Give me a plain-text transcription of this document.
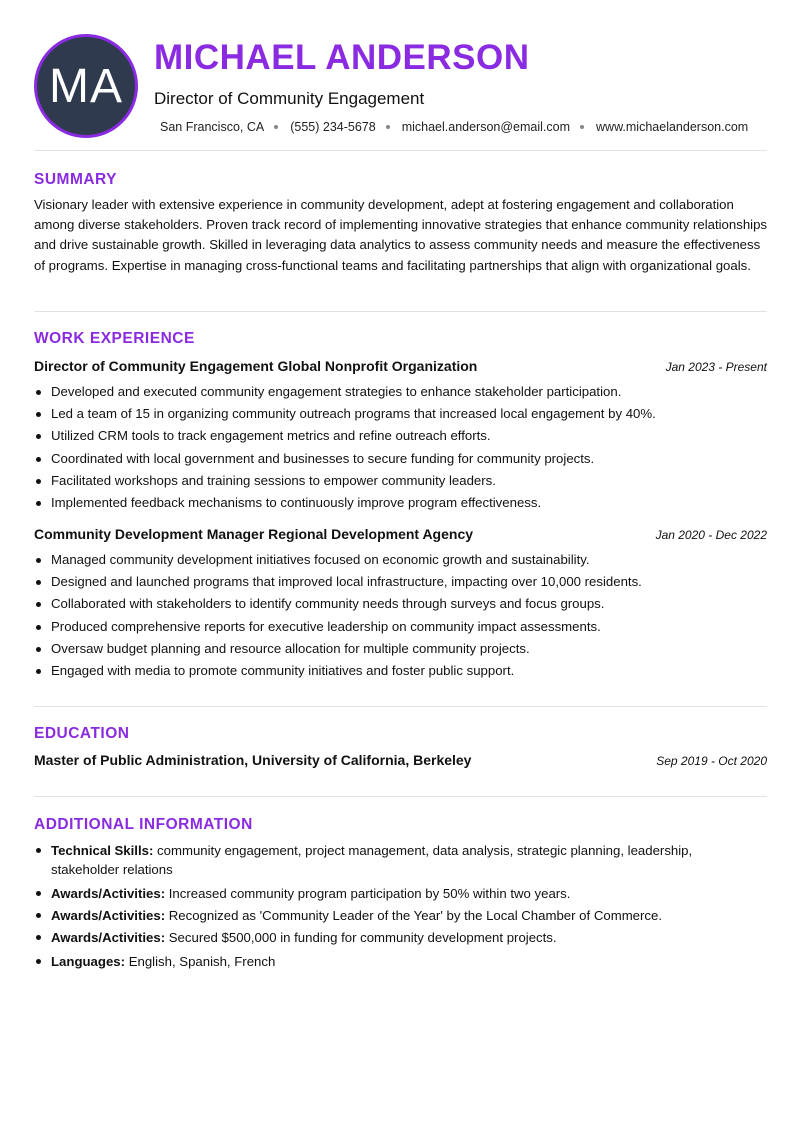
MA
MICHAEL ANDERSON
Director of Community Engagement
San Francisco, CA (555) 234-5678 michael.anderson@email.com www.michaelanderson.com
SUMMARY
Visionary leader with extensive experience in community development, adept at fostering engagement and collaboration among diverse stakeholders. Proven track record of implementing innovative strategies that enhance community relationships and drive sustainable growth. Skilled in leveraging data analytics to assess community needs and measure the effectiveness of programs. Expertise in managing cross-functional teams and facilitating partnerships that align with organizational goals.
WORK EXPERIENCE
Director of Community Engagement Global Nonprofit Organization	Jan 2023 - Present
Developed and executed community engagement strategies to enhance stakeholder participation.
Led a team of 15 in organizing community outreach programs that increased local engagement by 40%.
Utilized CRM tools to track engagement metrics and refine outreach efforts.
Coordinated with local government and businesses to secure funding for community projects.
Facilitated workshops and training sessions to empower community leaders.
Implemented feedback mechanisms to continuously improve program effectiveness.
Community Development Manager Regional Development Agency	Jan 2020 - Dec 2022
Managed community development initiatives focused on economic growth and sustainability.
Designed and launched programs that improved local infrastructure, impacting over 10,000 residents.
Collaborated with stakeholders to identify community needs through surveys and focus groups.
Produced comprehensive reports for executive leadership on community impact assessments.
Oversaw budget planning and resource allocation for multiple community projects.
Engaged with media to promote community initiatives and foster public support.
EDUCATION
Master of Public Administration, University of California, Berkeley	Sep 2019 - Oct 2020
ADDITIONAL INFORMATION
Technical Skills: community engagement, project management, data analysis, strategic planning, leadership, stakeholder relations
Awards/Activities: Increased community program participation by 50% within two years.
Awards/Activities: Recognized as 'Community Leader of the Year' by the Local Chamber of Commerce.
Awards/Activities: Secured $500,000 in funding for community development projects.
Languages: English, Spanish, French
